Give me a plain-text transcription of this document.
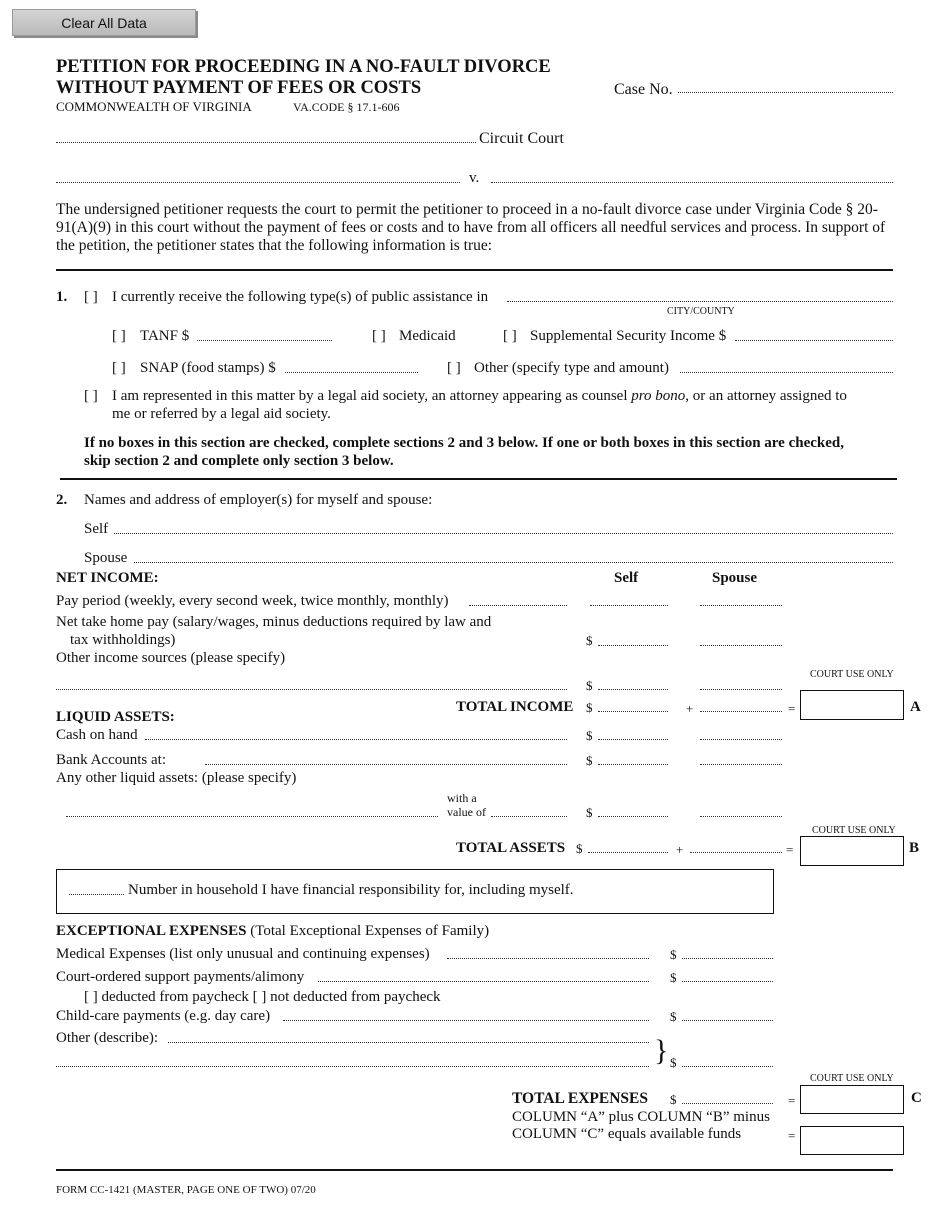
Clear All Data
PETITION FOR PROCEEDING IN A NO-FAULT DIVORCE
WITHOUT PAYMENT OF FEES OR COSTS
COMMONWEALTH OF VIRGINIA	VA.CODE § 17.1-606
Case No.
Circuit Court
v.
The undersigned petitioner requests the court to permit the petitioner to proceed in a no-fault divorce case under Virginia Code § 20-91(A)(9) in this court without the payment of fees or costs and to have from all officers all needful services and process. In support of the petition, the petitioner states that the following information is true:
1. [ ] I currently receive the following type(s) of public assistance in
CITY/COUNTY
[ ] TANF $	[ ] Medicaid	[ ] Supplemental Security Income $
[ ] SNAP (food stamps) $	[ ] Other (specify type and amount)
[ ] I am represented in this matter by a legal aid society, an attorney appearing as counsel pro bono, or an attorney assigned to
me or referred by a legal aid society.
If no boxes in this section are checked, complete sections 2 and 3 below. If one or both boxes in this section are checked,
skip section 2 and complete only section 3 below.
2. Names and address of employer(s) for myself and spouse:
Self
Spouse
NET INCOME:	Self	Spouse
Pay period (weekly, every second week, twice monthly, monthly)
Net take home pay (salary/wages, minus deductions required by law and
tax withholdings)	$
Other income sources (please specify)
COURT USE ONLY
$
LIQUID ASSETS:
TOTAL INCOME $	+	=	A
Cash on hand	$
Bank Accounts at:	$
Any other liquid assets: (please specify)
with a
value of	$
COURT USE ONLY
TOTAL ASSETS $	+	=	B
Number in household I have financial responsibility for, including myself.
EXCEPTIONAL EXPENSES (Total Exceptional Expenses of Family)
Medical Expenses (list only unusual and continuing expenses)	$
Court-ordered support payments/alimony	$
[ ] deducted from paycheck [ ] not deducted from paycheck
Child-care payments (e.g. day care)	$
Other (describe):	} $
COURT USE ONLY
TOTAL EXPENSES $	=	C
COLUMN “A” plus COLUMN “B” minus
COLUMN “C” equals available funds	=
FORM CC-1421 (MASTER, PAGE ONE OF TWO) 07/20
